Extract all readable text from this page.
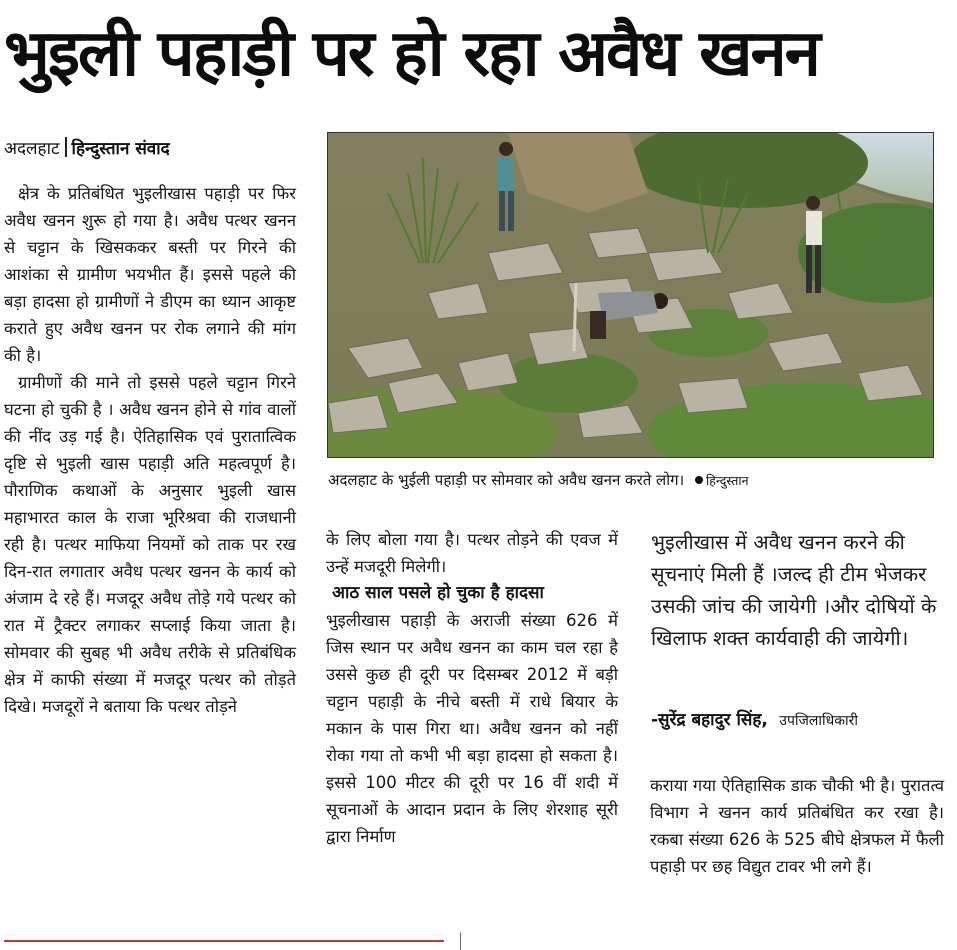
भुइली पहाड़ी पर हो रहा अवैध खनन
अदलहाट हिन्दुस्तान संवाद

क्षेत्र के प्रतिबंधित भुइलीखास पहाड़ी पर फिर अवैध खनन शुरू हो गया है। अवैध पत्थर खनन से चट्टान के खिसककर बस्ती पर गिरने की आशंका से ग्रामीण भयभीत हैं। इससे पहले की बड़ा हादसा हो ग्रामीणों ने डीएम का ध्यान आकृष्ट कराते हुए अवैध खनन पर रोक लगाने की मांग की है।

ग्रामीणों की माने तो इससे पहले चट्टान गिरने घटना हो चुकी है । अवैध खनन होने से गांव वालों की नींद उड़ गई है। ऐतिहासिक एवं पुरातात्विक दृष्टि से भुइली खास पहाड़ी अति महत्वपूर्ण है। पौराणिक कथाओं के अनुसार भुइली खास महाभारत काल के राजा भूरिश्रवा की राजधानी रही है। पत्थर माफिया नियमों को ताक पर रख दिन-रात लगातार अवैध पत्थर खनन के कार्य को अंजाम दे रहे हैं। मजदूर अवैध तोड़े गये पत्थर को रात में ट्रैक्टर लगाकर सप्लाई किया जाता है।सोमवार की सुबह भी अवैध तरीके से प्रतिबंधिक क्षेत्र में काफी संख्या में मजदूर पत्थर को तोड़ते दिखे। मजदूरों ने बताया कि पत्थर तोड़ने

अदलहाट के भुईली पहाड़ी पर सोमवार को अवैध खनन करते लोग। हिन्दुस्तान

के लिए बोला गया है। पत्थर तोड़ने की एवज में उन्हें मजदूरी मिलेगी।

आठ साल पसले हो चुका है हादसा

भुइलीखास पहाड़ी के अराजी संख्या 626 में जिस स्थान पर अवैध खनन का काम चल रहा है उससे कुछ ही दूरी पर दिसम्बर 2012 में बड़ी चट्टान पहाड़ी के नीचे बस्ती में राधे बियार के मकान के पास गिरा था। अवैध खनन को नहीं रोका गया तो कभी भी बड़ा हादसा हो सकता है। इससे 100 मीटर की दूरी पर 16 वीं शदी में सूचनाओं के आदान प्रदान के लिए शेरशाह सूरी द्वारा निर्माण

भुइलीखास में अवैध खनन करने की सूचनाएं मिली हैं ।जल्द ही टीम भेजकर उसकी जांच की जायेगी ।और दोषियों के खिलाफ शक्त कार्यवाही की जायेगी।
-सुरेंद्र बहादुर सिंह, उपजिलाधिकारी

कराया गया ऐतिहासिक डाक चौकी भी है। पुरातत्व विभाग ने खनन कार्य प्रतिबंधित कर रखा है। रकबा संख्या 626 के 525 बीघे क्षेत्रफल में फैली पहाड़ी पर छह विद्युत टावर भी लगे हैं।
